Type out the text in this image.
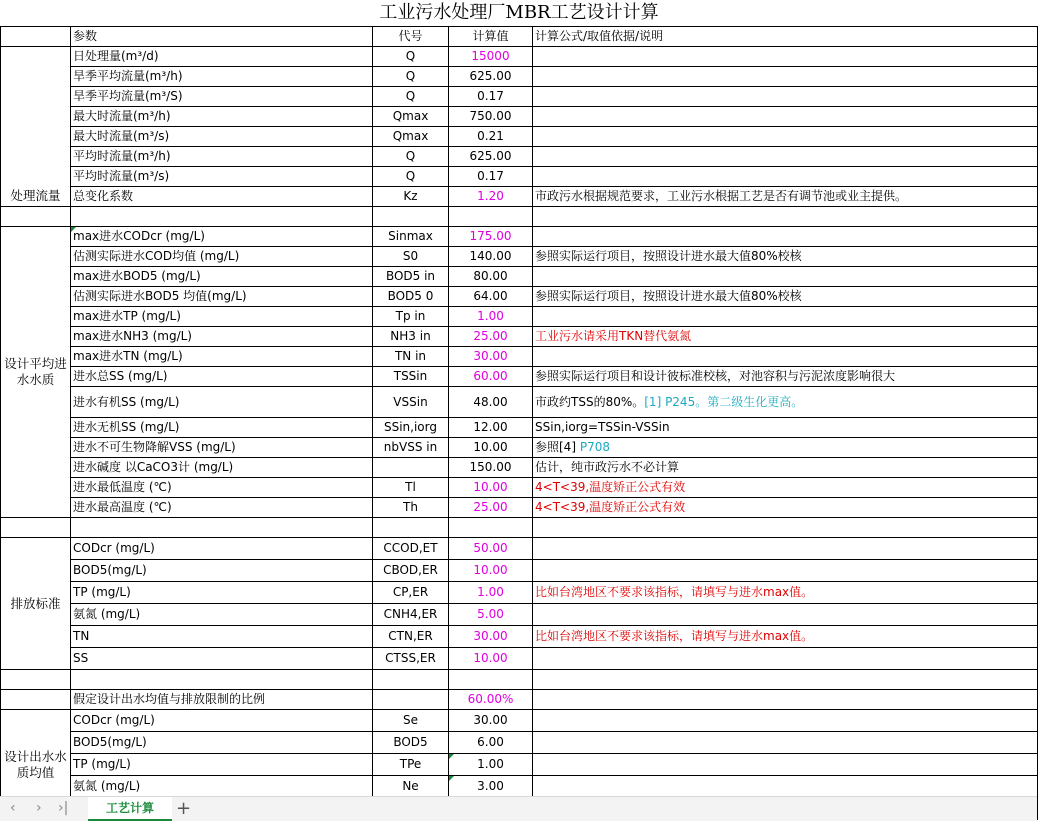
工业污水处理厂MBR工艺设计计算				
	参数	代号	计算值	计算公式/取值依据/说明
处理流量	日处理量(m³/d)	Q	15000	
	旱季平均流量(m³/h)	Q	625.00	
	旱季平均流量(m³/S)	Q	0.17	
	最大时流量(m³/h)	Qmax	750.00	
	最大时流量(m³/s)	Qmax	0.21	
	平均时流量(m³/h)	Q	625.00	
	平均时流量(m³/s)	Q	0.17	
	总变化系数	Kz	1.20	市政污水根据规范要求，工业污水根据工艺是否有调节池或业主提供。

设计平均进水水质	max进水CODcr (mg/L)	Sinmax	175.00	
	估测实际进水COD均值 (mg/L)	S0	140.00	参照实际运行项目，按照设计进水最大值80%校核
	max进水BOD5 (mg/L)	BOD5 in	80.00	
	估测实际进水BOD5 均值(mg/L)	BOD5 0	64.00	参照实际运行项目，按照设计进水最大值80%校核
	max进水TP (mg/L)	Tp in	1.00	
	max进水NH3 (mg/L)	NH3 in	25.00	工业污水请采用TKN替代氨氮
	max进水TN (mg/L)	TN in	30.00	
	进水总SS (mg/L)	TSSin	60.00	参照实际运行项目和设计彼标准校核，对池容积与污泥浓度影响很大
	进水有机SS (mg/L)	VSSin	48.00	市政约TSS的80%。[1] P245。第二级生化更高。
	进水无机SS (mg/L)	SSin,iorg	12.00	SSin,iorg=TSSin-VSSin
	进水不可生物降解VSS (mg/L)	nbVSS in	10.00	参照[4] P708
	进水碱度 以CaCO3计 (mg/L)		150.00	估计，纯市政污水不必计算
	进水最低温度 (℃)	Tl	10.00	4<T<39,温度矫正公式有效
	进水最高温度 (℃)	Th	25.00	4<T<39,温度矫正公式有效

排放标准	CODcr (mg/L)	CCOD,ET	50.00	
	BOD5(mg/L)	CBOD,ER	10.00	
	TP (mg/L)	CP,ER	1.00	比如台湾地区不要求该指标，请填写与进水max值。
	氨氮 (mg/L)	CNH4,ER	5.00	
	TN	CTN,ER	30.00	比如台湾地区不要求该指标，请填写与进水max值。
	SS	CTSS,ER	10.00	

	假定设计出水均值与排放限制的比例		60.00%	
设计出水水质均值	CODcr (mg/L)	Se	30.00	
	BOD5(mg/L)	BOD5	6.00	
	TP (mg/L)	TPe	1.00	
	氨氮 (mg/L)	Ne	3.00	

‹ › ›|	工艺计算	+
